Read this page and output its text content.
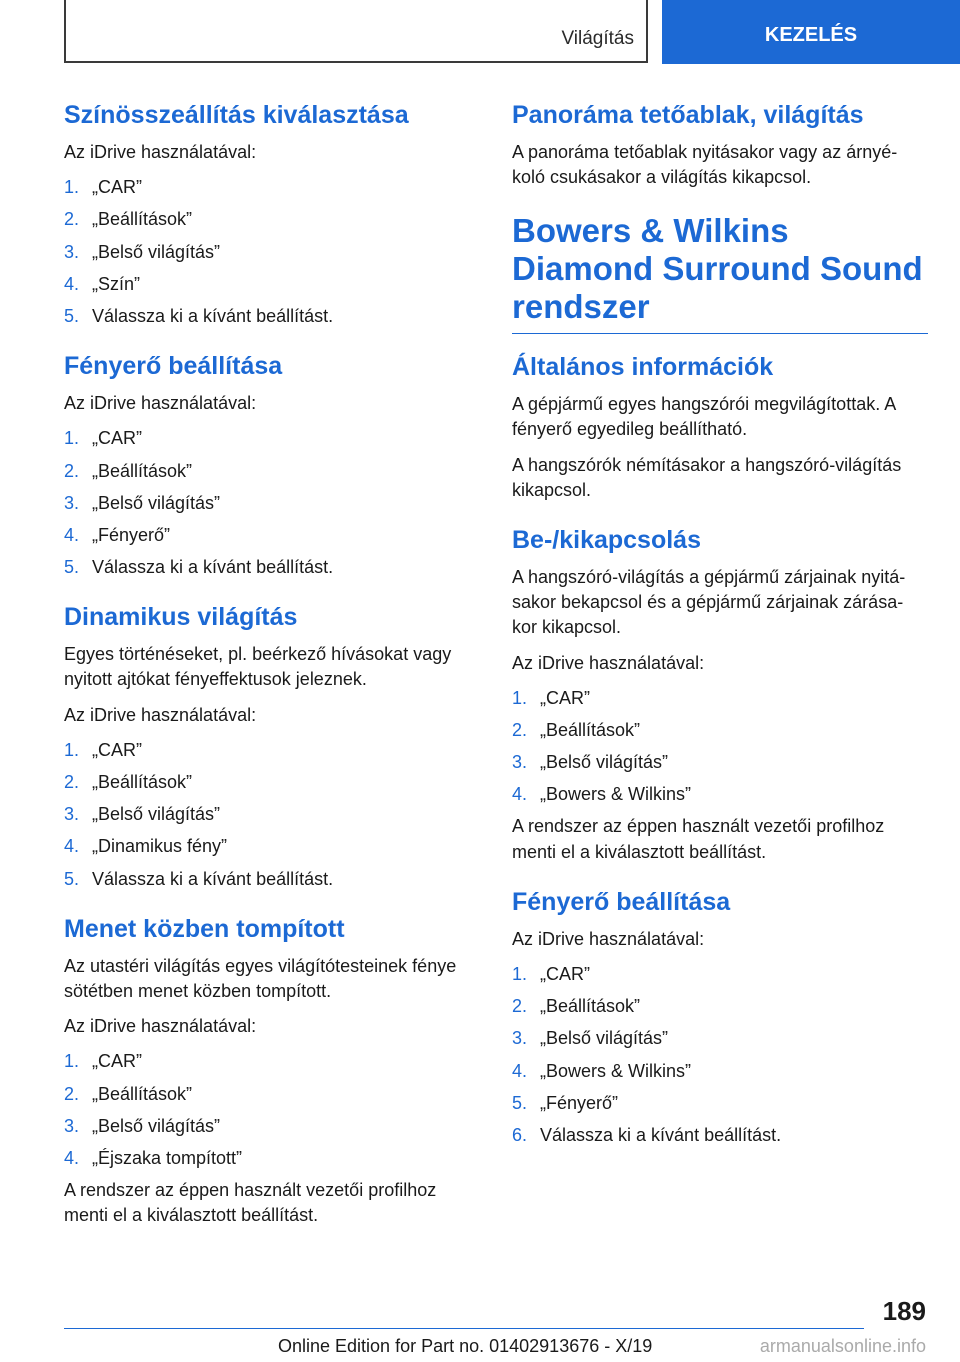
Világítás	KEZELÉS
Színösszeállítás kiválasztása

Az iDrive használatával:

1. „CAR”
2. „Beállítások”
3. „Belső világítás”
4. „Szín”
5. Válassza ki a kívánt beállítást.
Fényerő beállítása

Az iDrive használatával:

1. „CAR”
2. „Beállítások”
3. „Belső világítás”
4. „Fényerő”
5. Válassza ki a kívánt beállítást.
Dinamikus világítás

Egyes történéseket, pl. beérkező hívásokat vagy nyitott ajtókat fényeffektusok jeleznek.

Az iDrive használatával:

1. „CAR”
2. „Beállítások”
3. „Belső világítás”
4. „Dinamikus fény”
5. Válassza ki a kívánt beállítást.
Menet közben tompított

Az utastéri világítás egyes világítótesteinek fénye sötétben menet közben tompított.

Az iDrive használatával:

1. „CAR”
2. „Beállítások”
3. „Belső világítás”
4. „Éjszaka tompított”

A rendszer az éppen használt vezetői profilhoz menti el a kiválasztott beállítást.

Panoráma tetőablak, világítás

A panoráma tetőablak nyitásakor vagy az árnyé-koló csukásakor a világítás kikapcsol.

Bowers & Wilkins Diamond Surround Sound rendszer
Általános információk

A gépjármű egyes hangszórói megvilágítottak. A fényerő egyedileg beállítható.

A hangszórók némításakor a hangszóró-világítás kikapcsol.

Be-/kikapcsolás

A hangszóró-világítás a gépjármű zárjainak nyitá-sakor bekapcsol és a gépjármű zárjainak zárása-kor kikapcsol.

Az iDrive használatával:

1. „CAR”
2. „Beállítások”
3. „Belső világítás”
4. „Bowers & Wilkins”

A rendszer az éppen használt vezetői profilhoz menti el a kiválasztott beállítást.

Fényerő beállítása

Az iDrive használatával:

1. „CAR”
2. „Beállítások”
3. „Belső világítás”
4. „Bowers & Wilkins”
5. „Fényerő”
6. Válassza ki a kívánt beállítást.
189
Online Edition for Part no. 01402913676 - X/19	armanualsonline.info
